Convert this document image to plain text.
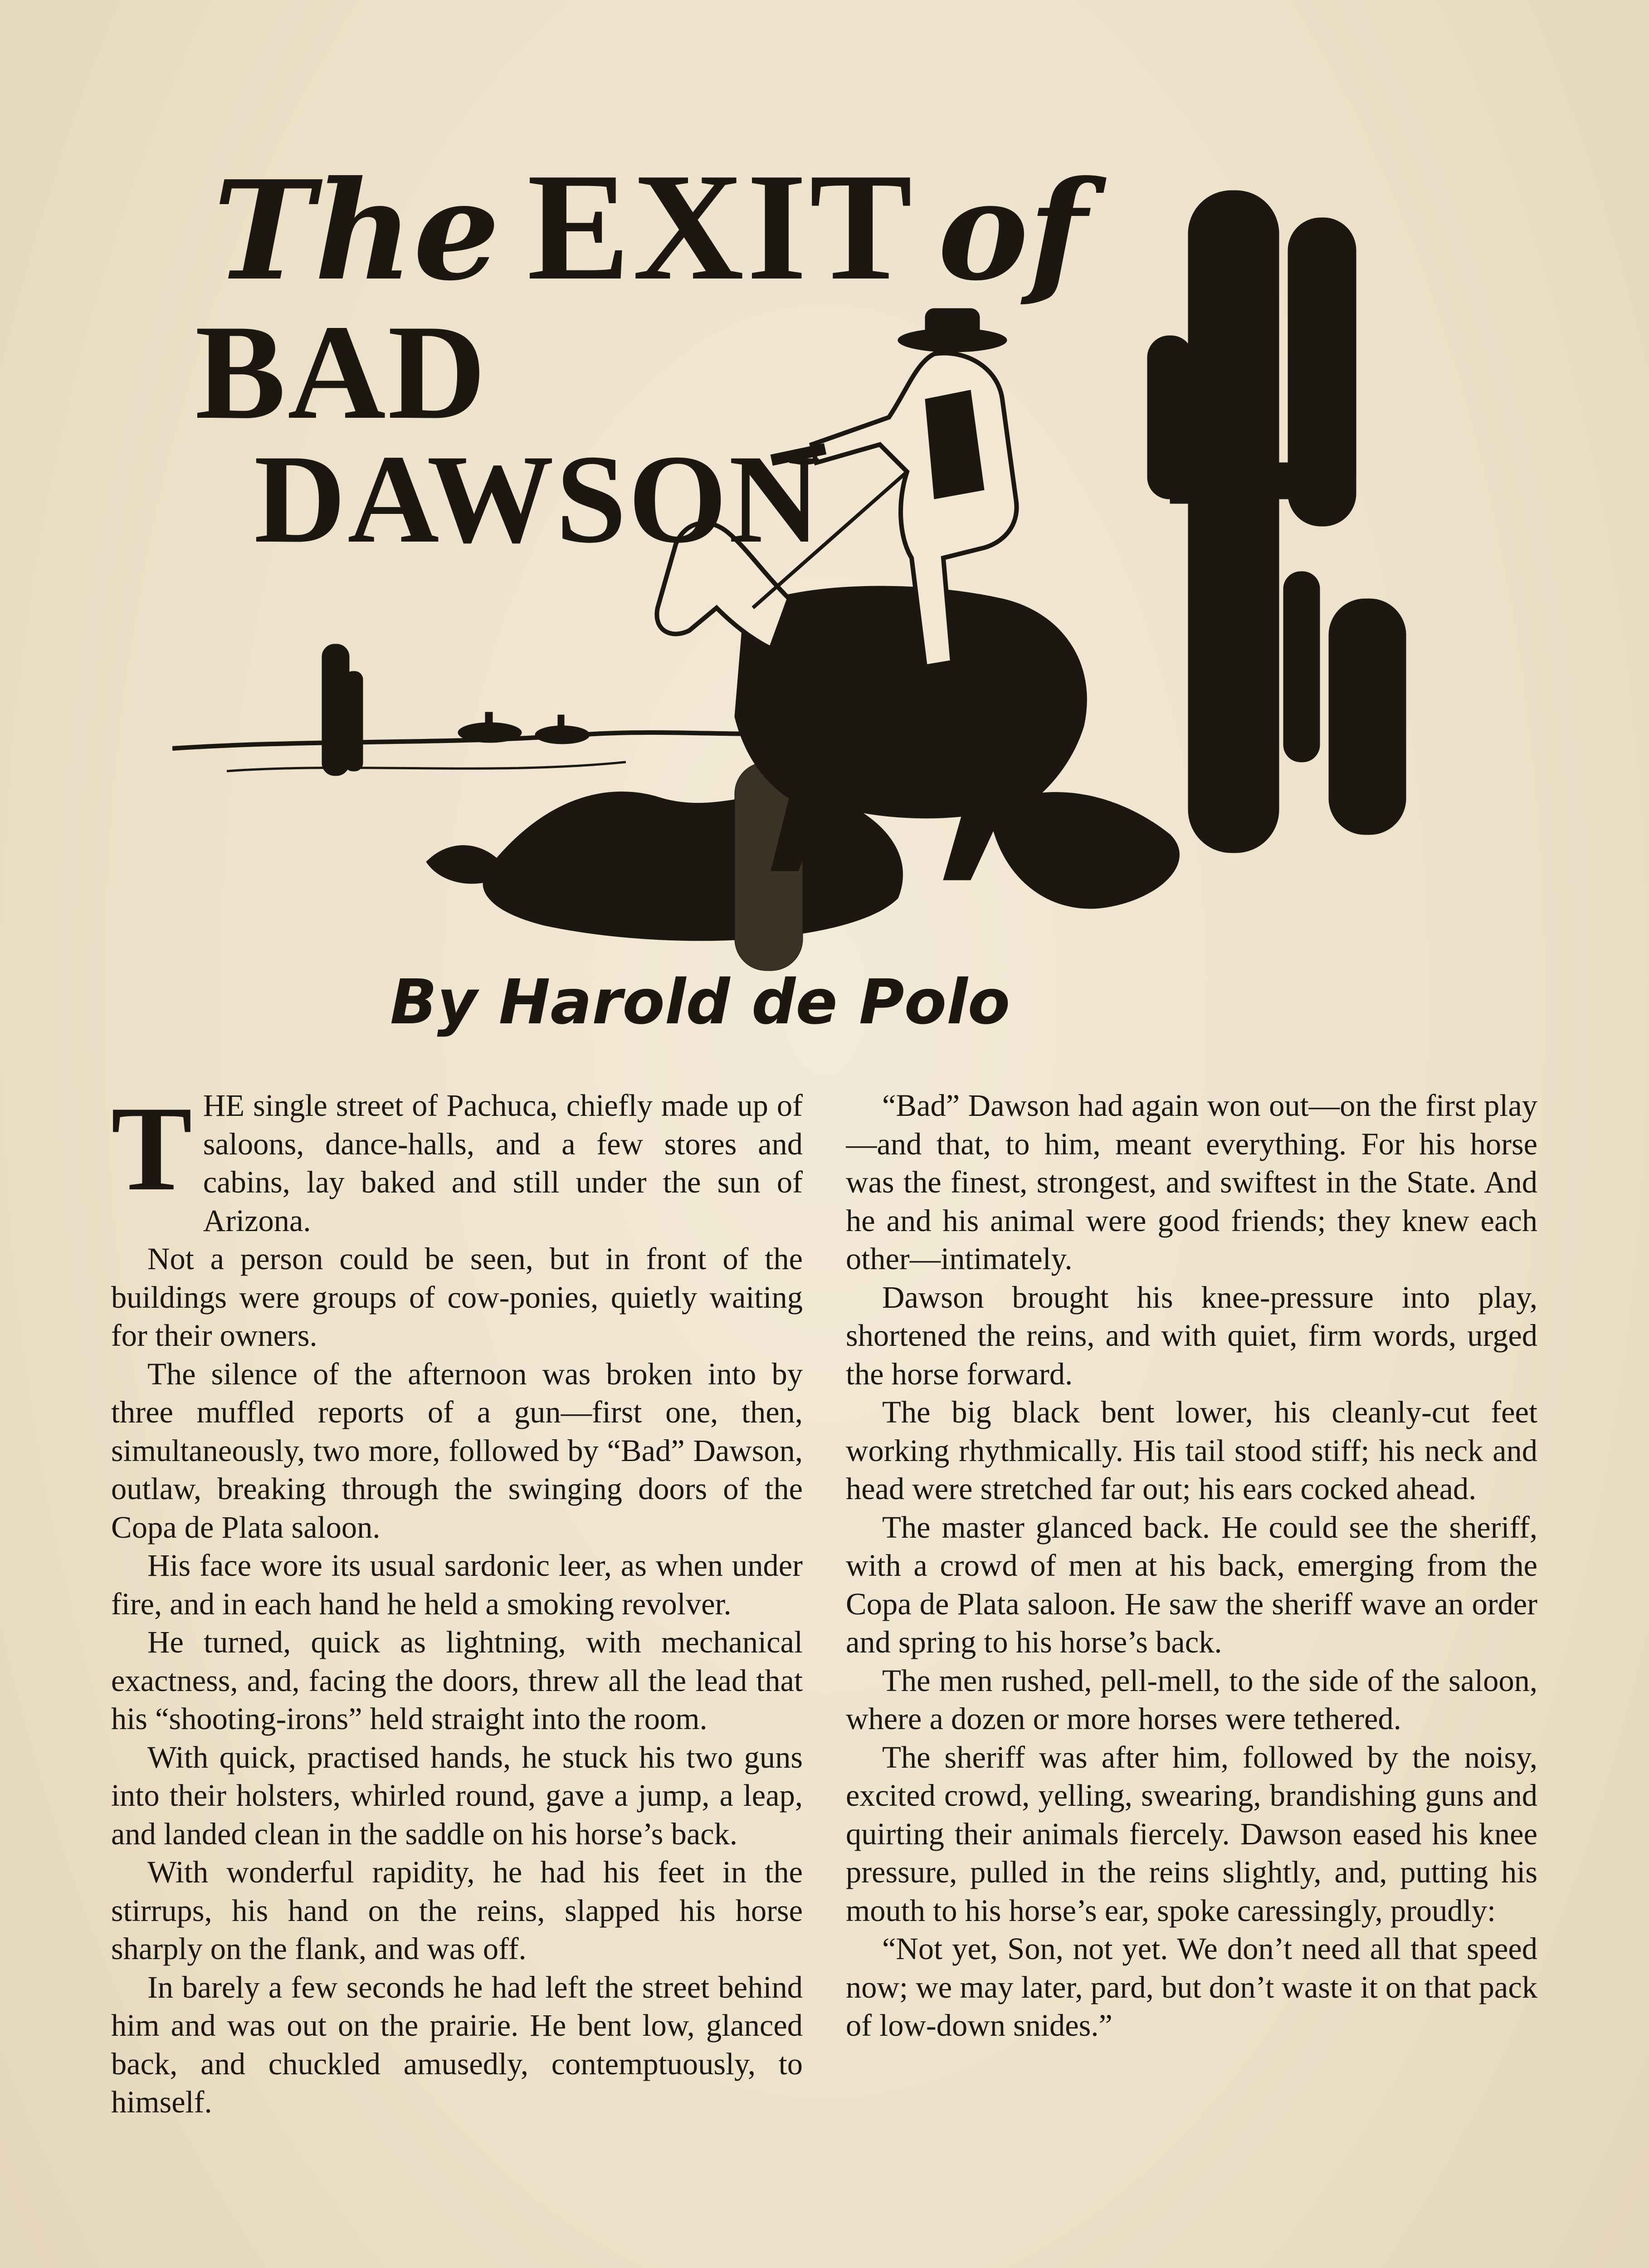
The EXIT of
BAD
DAWSON
By Harold de Polo

THE single street of Pachuca, chiefly made up of saloons, dance-halls, and a few stores and cabins, lay baked and still under the sun of Arizona.

Not a person could be seen, but in front of the buildings were groups of cow-ponies, quietly waiting for their owners.

The silence of the afternoon was broken into by three muffled reports of a gun—first one, then, simultaneously, two more, followed by “Bad” Dawson, outlaw, breaking through the swinging doors of the Copa de Plata saloon.

His face wore its usual sardonic leer, as when under fire, and in each hand he held a smoking revolver.

He turned, quick as lightning, with mechanical exactness, and, facing the doors, threw all the lead that his “shooting-irons” held straight into the room.

With quick, practised hands, he stuck his two guns into their holsters, whirled round, gave a jump, a leap, and landed clean in the saddle on his horse’s back.

With wonderful rapidity, he had his feet in the stirrups, his hand on the reins, slapped his horse sharply on the flank, and was off.

In barely a few seconds he had left the street behind him and was out on the prairie. He bent low, glanced back, and chuckled amusedly, contemptuously, to himself.

“Bad” Dawson had again won out—on the first play—and that, to him, meant everything. For his horse was the finest, strongest, and swiftest in the State. And he and his animal were good friends; they knew each other—intimately.

Dawson brought his knee-pressure into play, shortened the reins, and with quiet, firm words, urged the horse forward.

The big black bent lower, his cleanly-cut feet working rhythmically. His tail stood stiff; his neck and head were stretched far out; his ears cocked ahead.

The master glanced back. He could see the sheriff, with a crowd of men at his back, emerging from the Copa de Plata saloon. He saw the sheriff wave an order and spring to his horse’s back.

The men rushed, pell-mell, to the side of the saloon, where a dozen or more horses were tethered.

The sheriff was after him, followed by the noisy, excited crowd, yelling, swearing, brandishing guns and quirting their animals fiercely. Dawson eased his knee pressure, pulled in the reins slightly, and, putting his mouth to his horse’s ear, spoke caressingly, proudly:

“Not yet, Son, not yet. We don’t need all that speed now; we may later, pard, but don’t waste it on that pack of low-down snides.”
